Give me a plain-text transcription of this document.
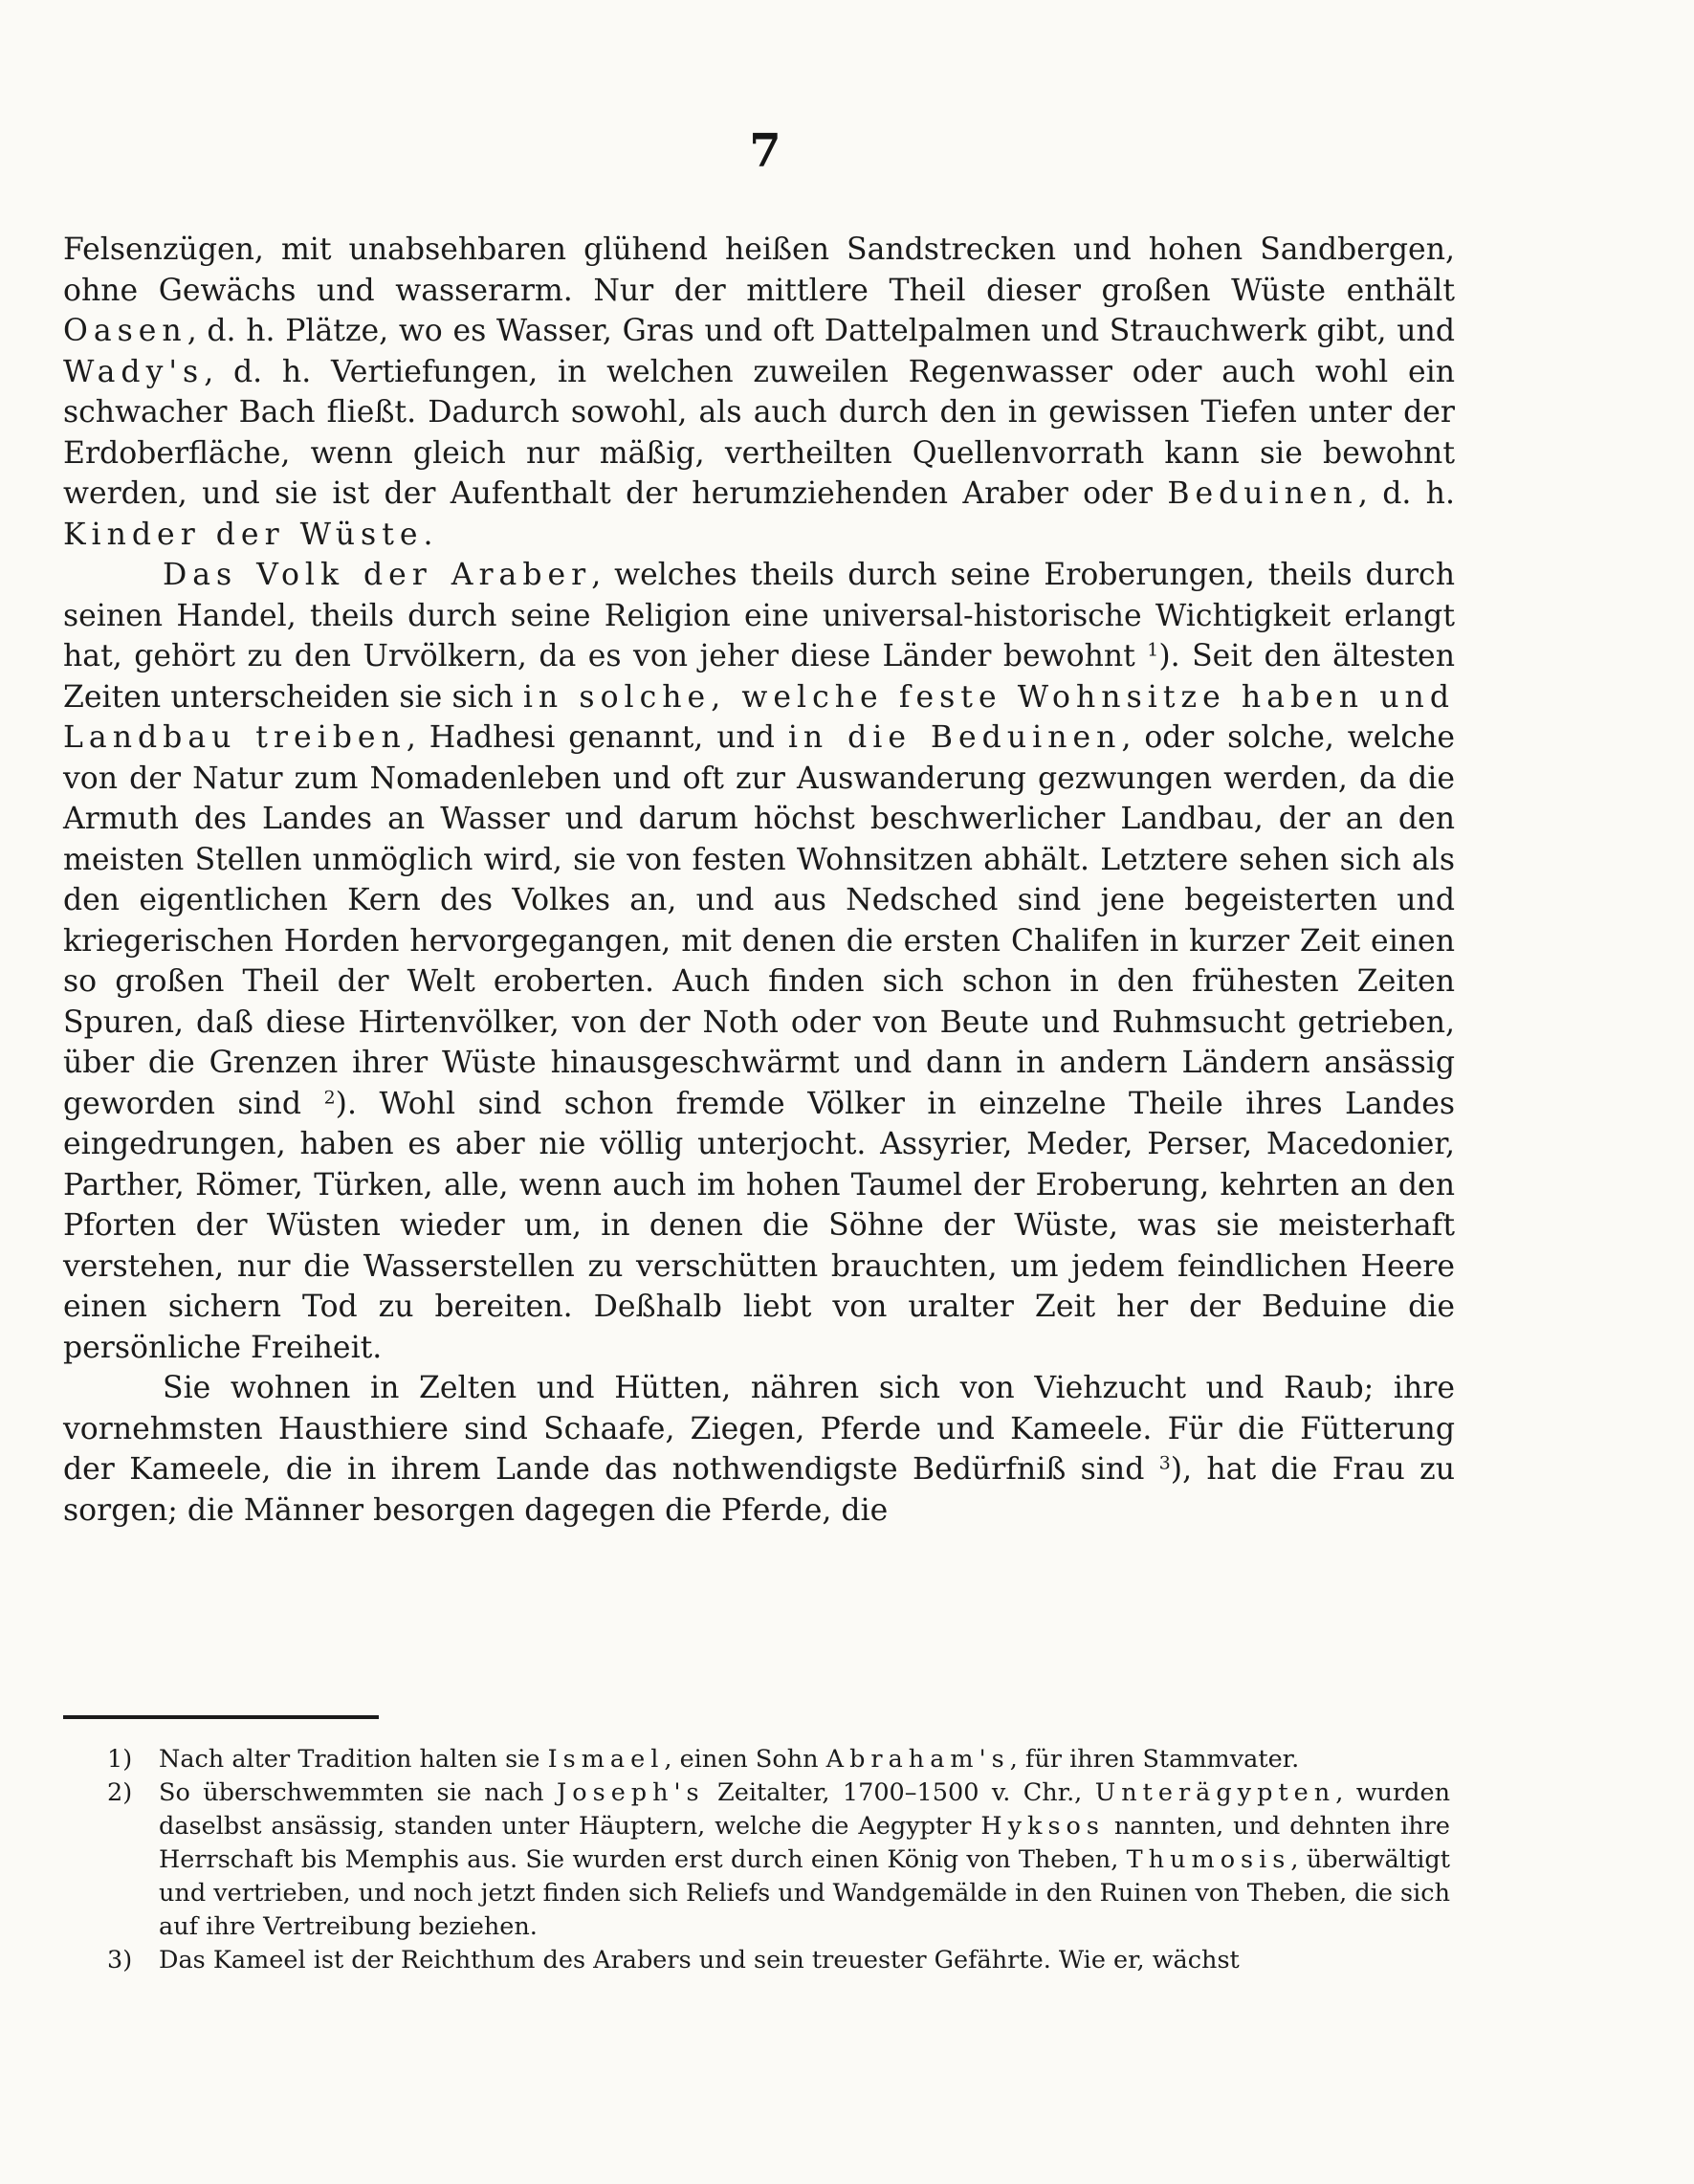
7

Felsenzügen, mit unabsehbaren glühend heißen Sandstrecken und hohen Sandbergen, ohne Gewächs und wasserarm. Nur der mittlere Theil dieser großen Wüste enthält Oasen, d. h. Plätze, wo es Wasser, Gras und oft Dattelpalmen und Strauchwerk gibt, und Wady's, d. h. Vertiefungen, in welchen zuweilen Regenwasser oder auch wohl ein schwacher Bach fließt. Dadurch sowohl, als auch durch den in gewissen Tiefen unter der Erdoberfläche, wenn gleich nur mäßig, vertheilten Quellenvorrath kann sie bewohnt werden, und sie ist der Aufenthalt der herumziehenden Araber oder Beduinen, d. h. Kinder der Wüste.

Das Volk der Araber, welches theils durch seine Eroberungen, theils durch seinen Handel, theils durch seine Religion eine universal-historische Wichtigkeit erlangt hat, gehört zu den Urvölkern, da es von jeher diese Länder bewohnt $^1$). Seit den ältesten Zeiten unterscheiden sie sich in solche, welche feste Wohnsitze haben und Landbau treiben, Hadhesi genannt, und in die Beduinen, oder solche, welche von der Natur zum Nomadenleben und oft zur Auswanderung gezwungen werden, da die Armuth des Landes an Wasser und darum höchst beschwerlicher Landbau, der an den meisten Stellen unmöglich wird, sie von festen Wohnsitzen abhält. Letztere sehen sich als den eigentlichen Kern des Volkes an, und aus Nedsched sind jene begeisterten und kriegerischen Horden hervorgegangen, mit denen die ersten Chalifen in kurzer Zeit einen so großen Theil der Welt eroberten. Auch finden sich schon in den frühesten Zeiten Spuren, daß diese Hirtenvölker, von der Noth oder von Beute und Ruhmsucht getrieben, über die Grenzen ihrer Wüste hinausgeschwärmt und dann in andern Ländern ansässig geworden sind $^2$). Wohl sind schon fremde Völker in einzelne Theile ihres Landes eingedrungen, haben es aber nie völlig unterjocht. Assyrier, Meder, Perser, Macedonier, Parther, Römer, Türken, alle, wenn auch im hohen Taumel der Eroberung, kehrten an den Pforten der Wüsten wieder um, in denen die Söhne der Wüste, was sie meisterhaft verstehen, nur die Wasserstellen zu verschütten brauchten, um jedem feindlichen Heere einen sichern Tod zu bereiten. Deßhalb liebt von uralter Zeit her der Beduine die persönliche Freiheit.

Sie wohnen in Zelten und Hütten, nähren sich von Viehzucht und Raub; ihre vornehmsten Hausthiere sind Schaafe, Ziegen, Pferde und Kameele. Für die Fütterung der Kameele, die in ihrem Lande das nothwendigste Bedürfniß sind $^3$), hat die Frau zu sorgen; die Männer besorgen dagegen die Pferde, die

1)	Nach alter Tradition halten sie Ismael, einen Sohn Abraham's, für ihren Stammvater.

2)	So überschwemmten sie nach Joseph's Zeitalter, 1700–1500 v. Chr., Unterägypten, wurden daselbst ansässig, standen unter Häuptern, welche die Aegypter Hyksos nannten, und dehnten ihre Herrschaft bis Memphis aus. Sie wurden erst durch einen König von Theben, Thumosis, überwältigt und vertrieben, und noch jetzt finden sich Reliefs und Wandgemälde in den Ruinen von Theben, die sich auf ihre Vertreibung beziehen.

3)	Das Kameel ist der Reichthum des Arabers und sein treuester Gefährte. Wie er, wächst
